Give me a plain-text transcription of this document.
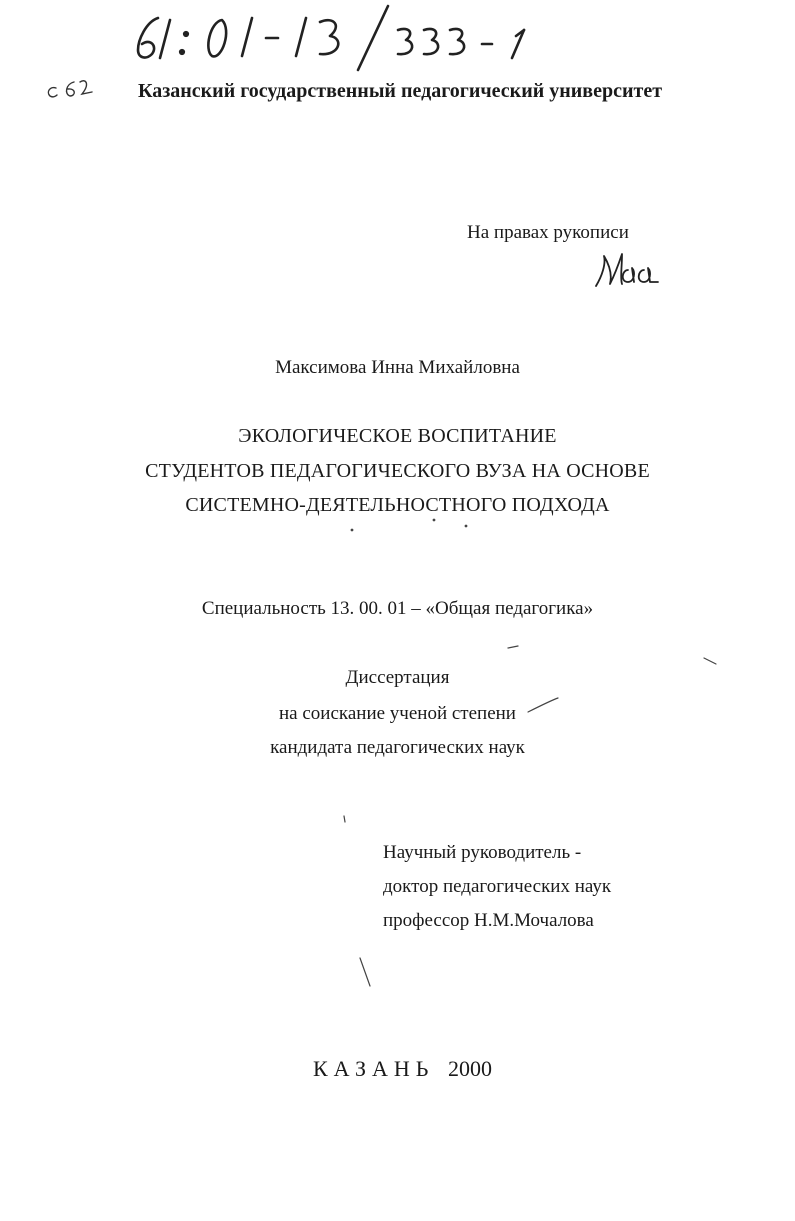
Казанский государственный педагогический университет
На правах рукописи
Максимова Инна Михайловна
ЭКОЛОГИЧЕСКОЕ ВОСПИТАНИЕ
СТУДЕНТОВ ПЕДАГОГИЧЕСКОГО ВУЗА НА ОСНОВЕ
СИСТЕМНО-ДЕЯТЕЛЬНОСТНОГО ПОДХОДА
Специальность 13. 00. 01 – «Общая педагогика»
Диссертация
на соискание ученой степени
кандидата педагогических наук
Научный руководитель -
доктор педагогических наук
профессор Н.М.Мочалова
КАЗАНЬ 2000
